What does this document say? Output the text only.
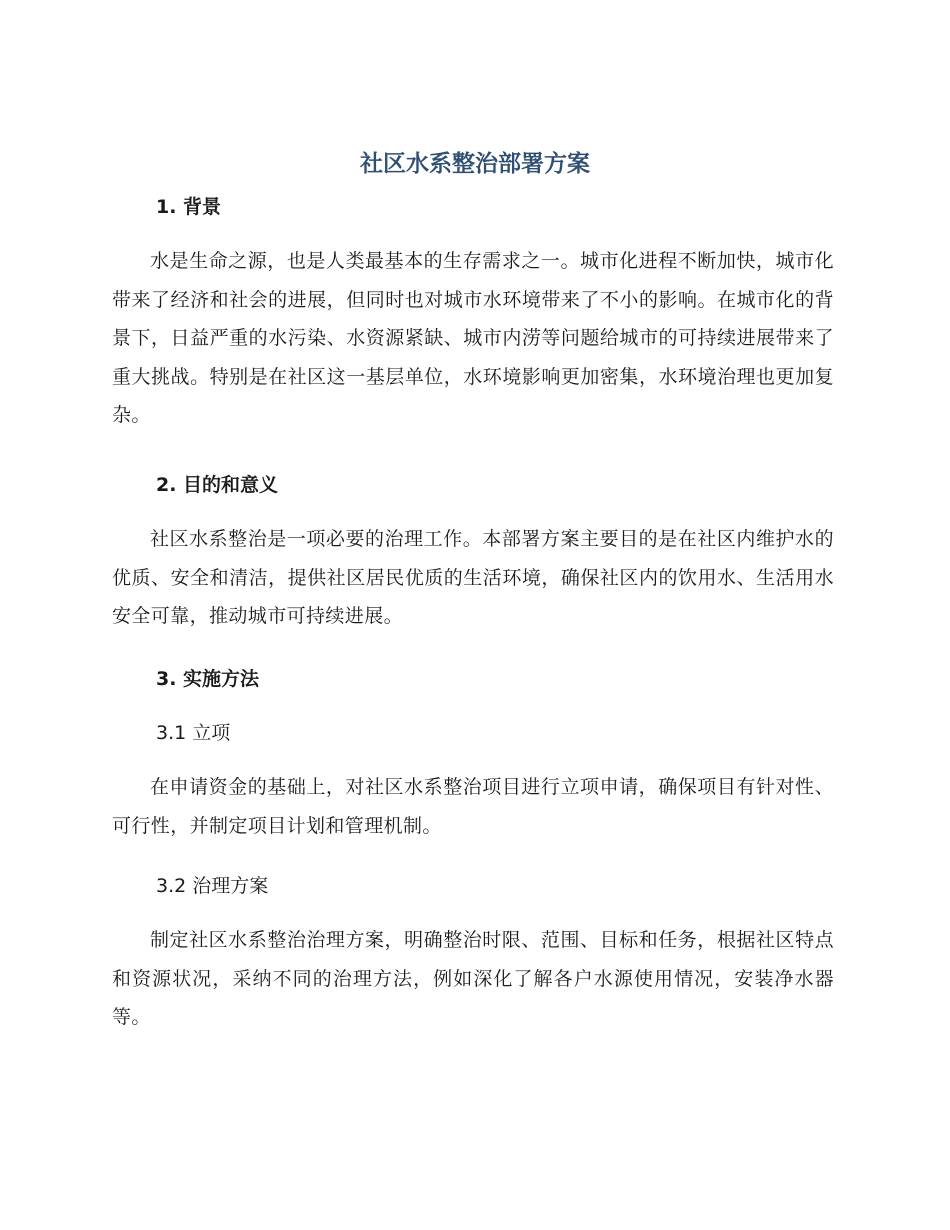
社区水系整治部署方案
1. 背景

水是生命之源，也是人类最基本的生存需求之一。城市化进程不断加快，城市化带来了经济和社会的进展，但同时也对城市水环境带来了不小的影响。在城市化的背景下，日益严重的水污染、水资源紧缺、城市内涝等问题给城市的可持续进展带来了重大挑战。特别是在社区这一基层单位，水环境影响更加密集，水环境治理也更加复杂。

2. 目的和意义

社区水系整治是一项必要的治理工作。本部署方案主要目的是在社区内维护水的优质、安全和清洁，提供社区居民优质的生活环境，确保社区内的饮用水、生活用水安全可靠，推动城市可持续进展。

3. 实施方法
3.1 立项

在申请资金的基础上，对社区水系整治项目进行立项申请，确保项目有针对性、可行性，并制定项目计划和管理机制。

3.2 治理方案

制定社区水系整治治理方案，明确整治时限、范围、目标和任务，根据社区特点和资源状况，采纳不同的治理方法，例如深化了解各户水源使用情况，安装净水器等。
